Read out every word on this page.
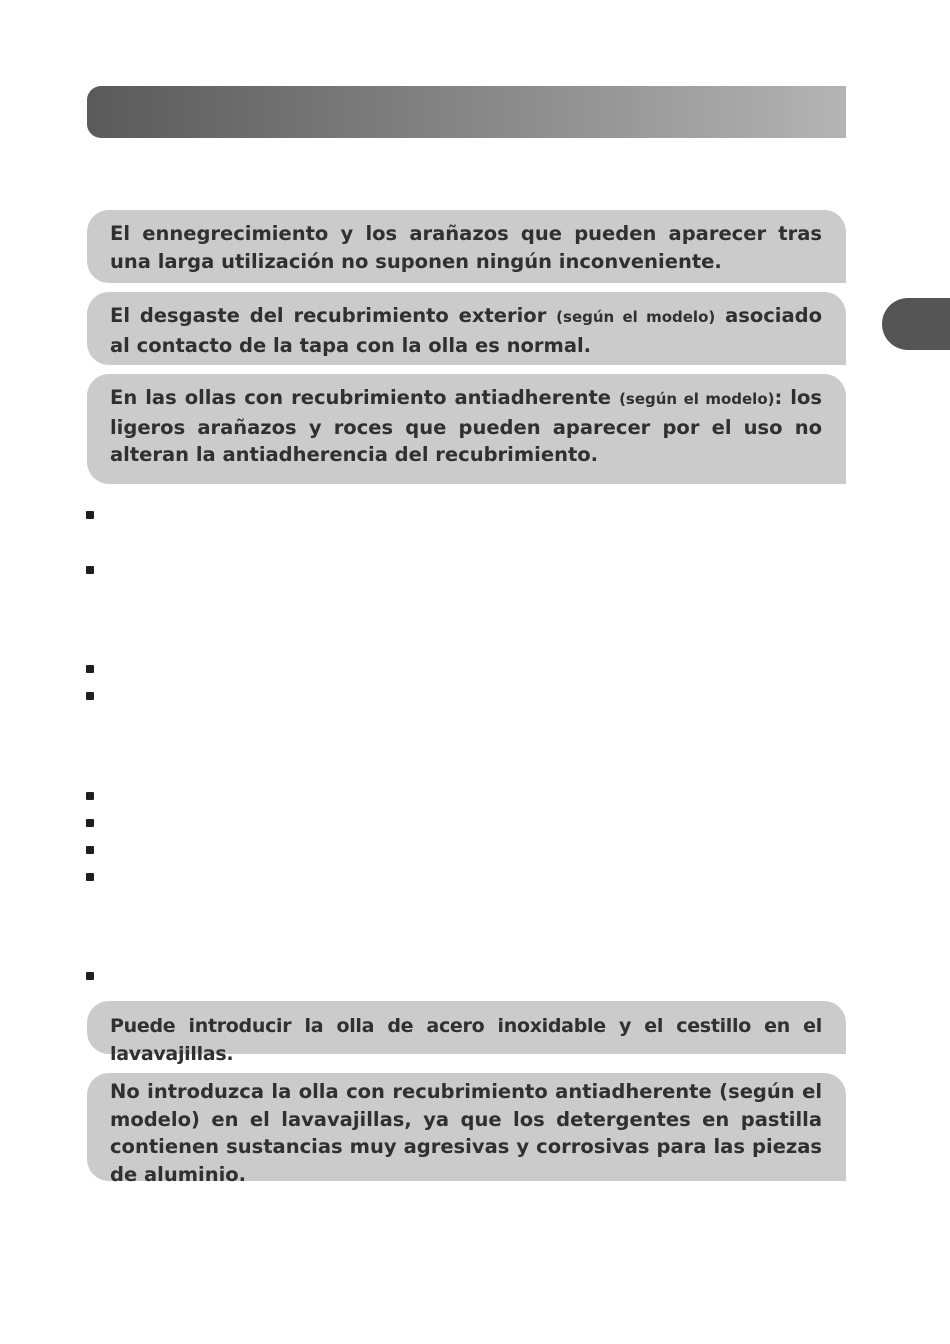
El ennegrecimiento y los arañazos que pueden aparecer tras una larga utilización no suponen ningún inconveniente.
El desgaste del recubrimiento exterior (según el modelo) asociado al contacto de la tapa con la olla es normal.
En las ollas con recubrimiento antiadherente (según el modelo): los ligeros arañazos y roces que pueden aparecer por el uso no alteran la antiadherencia del recubrimiento.
Puede introducir la olla de acero inoxidable y el cestillo en el lavavajillas.
No introduzca la olla con recubrimiento antiadherente (según el modelo) en el lavavajillas, ya que los detergentes en pastilla contienen sustancias muy agresivas y corrosivas para las piezas de aluminio.
